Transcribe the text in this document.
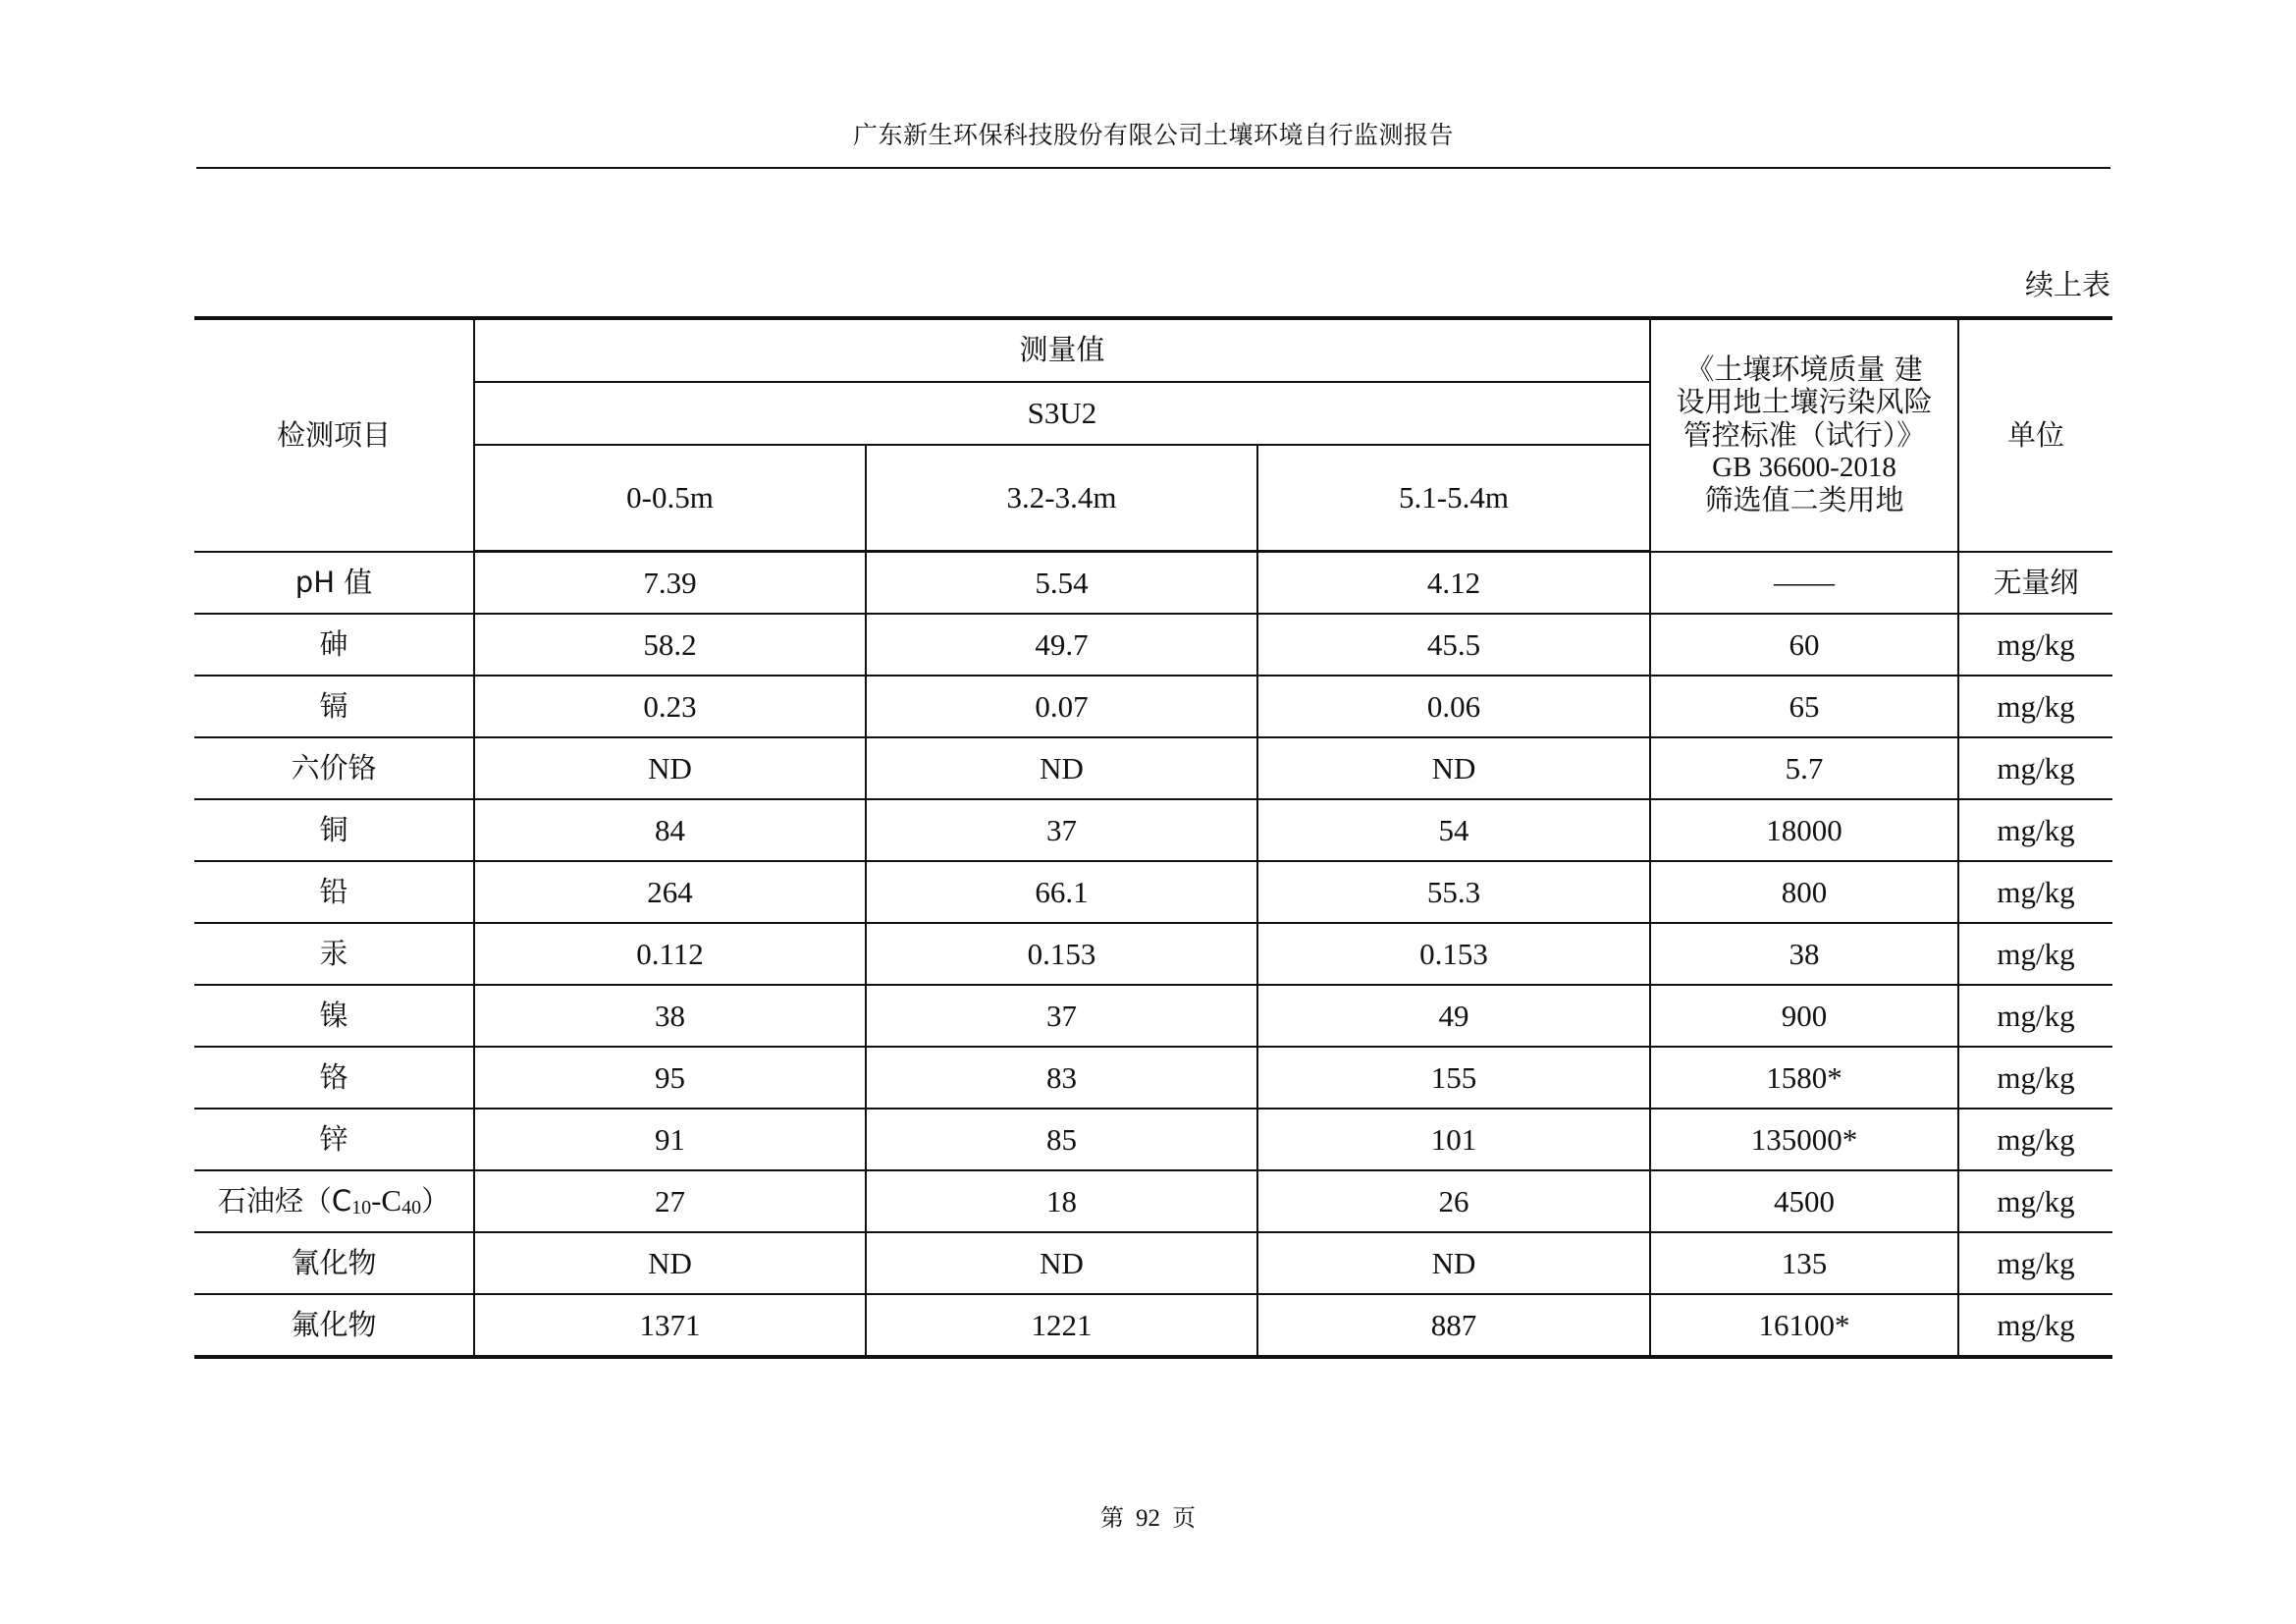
广东新生环保科技股份有限公司土壤环境自行监测报告
续上表
检测项目	测量值			《土壤环境质量 建
设用地土壤污染风险
管控标准（试行）》
GB 36600-2018
筛选值二类用地	单位
	S3U2				
	0-0.5m	3.2-3.4m	5.1-5.4m		
pH 值	7.39	5.54	4.12	——	无量纲
砷	58.2	49.7	45.5	60	mg/kg
镉	0.23	0.07	0.06	65	mg/kg
六价铬	ND	ND	ND	5.7	mg/kg
铜	84	37	54	18000	mg/kg
铅	264	66.1	55.3	800	mg/kg
汞	0.112	0.153	0.153	38	mg/kg
镍	38	37	49	900	mg/kg
铬	95	83	155	1580*	mg/kg
锌	91	85	101	135000*	mg/kg
石油烃$(C_{10}-C_{40})$	27	18	26	4500	mg/kg
氰化物	ND	ND	ND	135	mg/kg
氟化物	1371	1221	887	16100*	mg/kg
第 92 页
